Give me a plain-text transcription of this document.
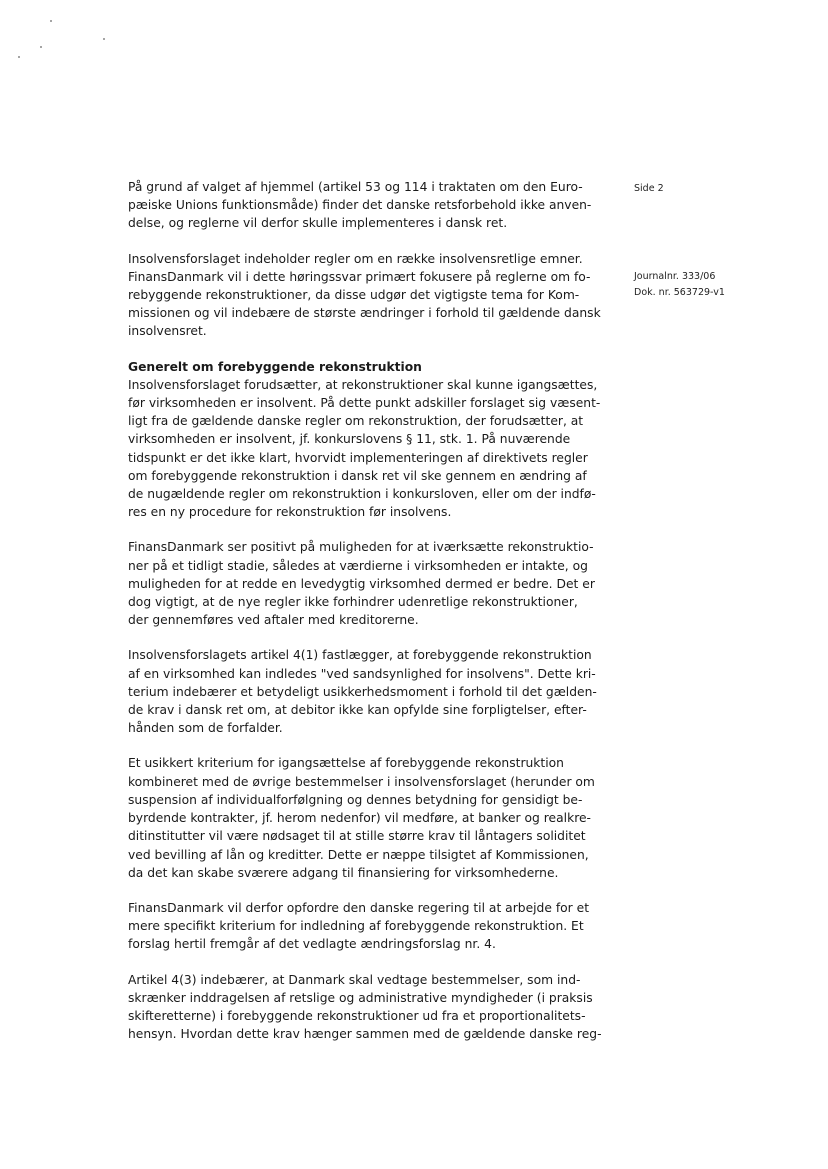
Side 2
Journalnr. 333/06
Dok. nr. 563729-v1
På grund af valget af hjemmel (artikel 53 og 114 i traktaten om den Euro-
pæiske Unions funktionsmåde) finder det danske retsforbehold ikke anven-
delse, og reglerne vil derfor skulle implementeres i dansk ret.
Insolvensforslaget indeholder regler om en række insolvensretlige emner.
FinansDanmark vil i dette høringssvar primært fokusere på reglerne om fo-
rebyggende rekonstruktioner, da disse udgør det vigtigste tema for Kom-
missionen og vil indebære de største ændringer i forhold til gældende dansk
insolvensret.
Generelt om forebyggende rekonstruktion
Insolvensforslaget forudsætter, at rekonstruktioner skal kunne igangsættes,
før virksomheden er insolvent. På dette punkt adskiller forslaget sig væsent-
ligt fra de gældende danske regler om rekonstruktion, der forudsætter, at
virksomheden er insolvent, jf. konkurslovens § 11, stk. 1. På nuværende
tidspunkt er det ikke klart, hvorvidt implementeringen af direktivets regler
om forebyggende rekonstruktion i dansk ret vil ske gennem en ændring af
de nugældende regler om rekonstruktion i konkursloven, eller om der indfø-
res en ny procedure for rekonstruktion før insolvens.
FinansDanmark ser positivt på muligheden for at iværksætte rekonstruktio-
ner på et tidligt stadie, således at værdierne i virksomheden er intakte, og
muligheden for at redde en levedygtig virksomhed dermed er bedre. Det er
dog vigtigt, at de nye regler ikke forhindrer udenretlige rekonstruktioner,
der gennemføres ved aftaler med kreditorerne.
Insolvensforslagets artikel 4(1) fastlægger, at forebyggende rekonstruktion
af en virksomhed kan indledes "ved sandsynlighed for insolvens". Dette kri-
terium indebærer et betydeligt usikkerhedsmoment i forhold til det gælden-
de krav i dansk ret om, at debitor ikke kan opfylde sine forpligtelser, efter-
hånden som de forfalder.
Et usikkert kriterium for igangsættelse af forebyggende rekonstruktion
kombineret med de øvrige bestemmelser i insolvensforslaget (herunder om
suspension af individualforfølgning og dennes betydning for gensidigt be-
byrdende kontrakter, jf. herom nedenfor) vil medføre, at banker og realkre-
ditinstitutter vil være nødsaget til at stille større krav til låntagers soliditet
ved bevilling af lån og kreditter. Dette er næppe tilsigtet af Kommissionen,
da det kan skabe sværere adgang til finansiering for virksomhederne.
FinansDanmark vil derfor opfordre den danske regering til at arbejde for et
mere specifikt kriterium for indledning af forebyggende rekonstruktion. Et
forslag hertil fremgår af det vedlagte ændringsforslag nr. 4.
Artikel 4(3) indebærer, at Danmark skal vedtage bestemmelser, som ind-
skrænker inddragelsen af retslige og administrative myndigheder (i praksis
skifteretterne) i forebyggende rekonstruktioner ud fra et proportionalitets-
hensyn. Hvordan dette krav hænger sammen med de gældende danske reg-
